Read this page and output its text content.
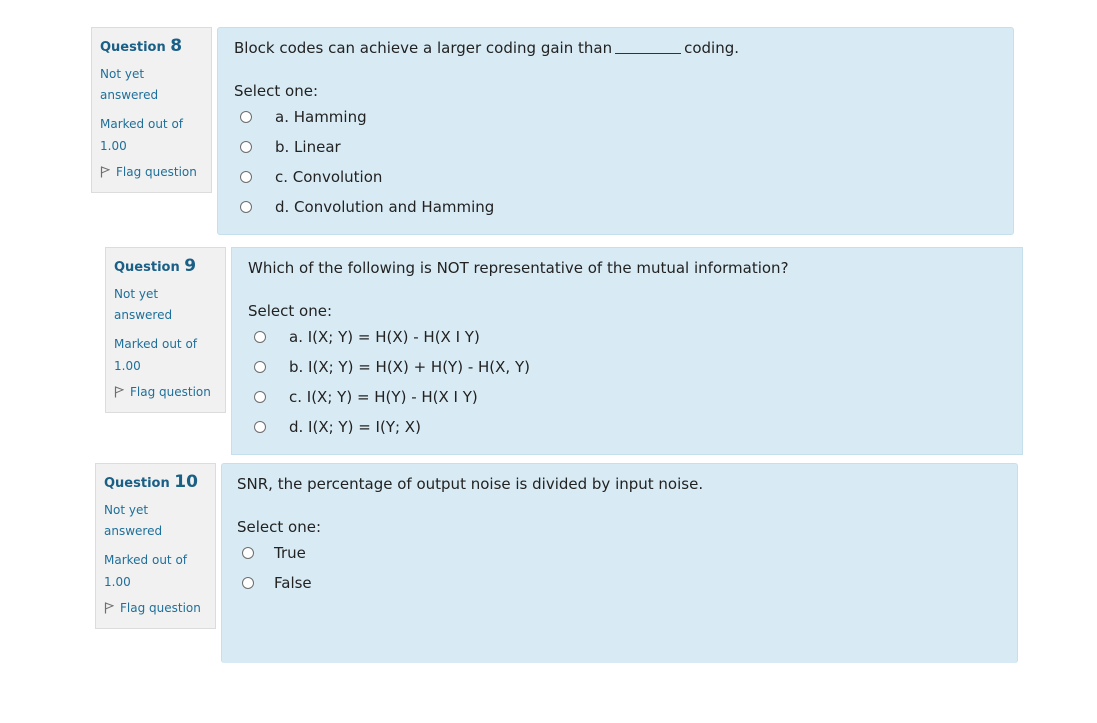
Question 8
Not yet answered
Marked out of
1.00
Flag question
Block codes can achieve a larger coding gain than	coding.
Select one:
a. Hamming
b. Linear
c. Convolution
d. Convolution and Hamming
Question 9
Not yet answered
Marked out of
1.00
Flag question
Which of the following is NOT representative of the mutual information?
Select one:
a. I(X; Y) = H(X) - H(X I Y)
b. I(X; Y) = H(X) + H(Y) - H(X, Y)
c. I(X; Y) = H(Y) - H(X I Y)
d. I(X; Y) = I(Y; X)
Question 10
Not yet answered
Marked out of
1.00
Flag question
SNR, the percentage of output noise is divided by input noise.
Select one:
True
False
